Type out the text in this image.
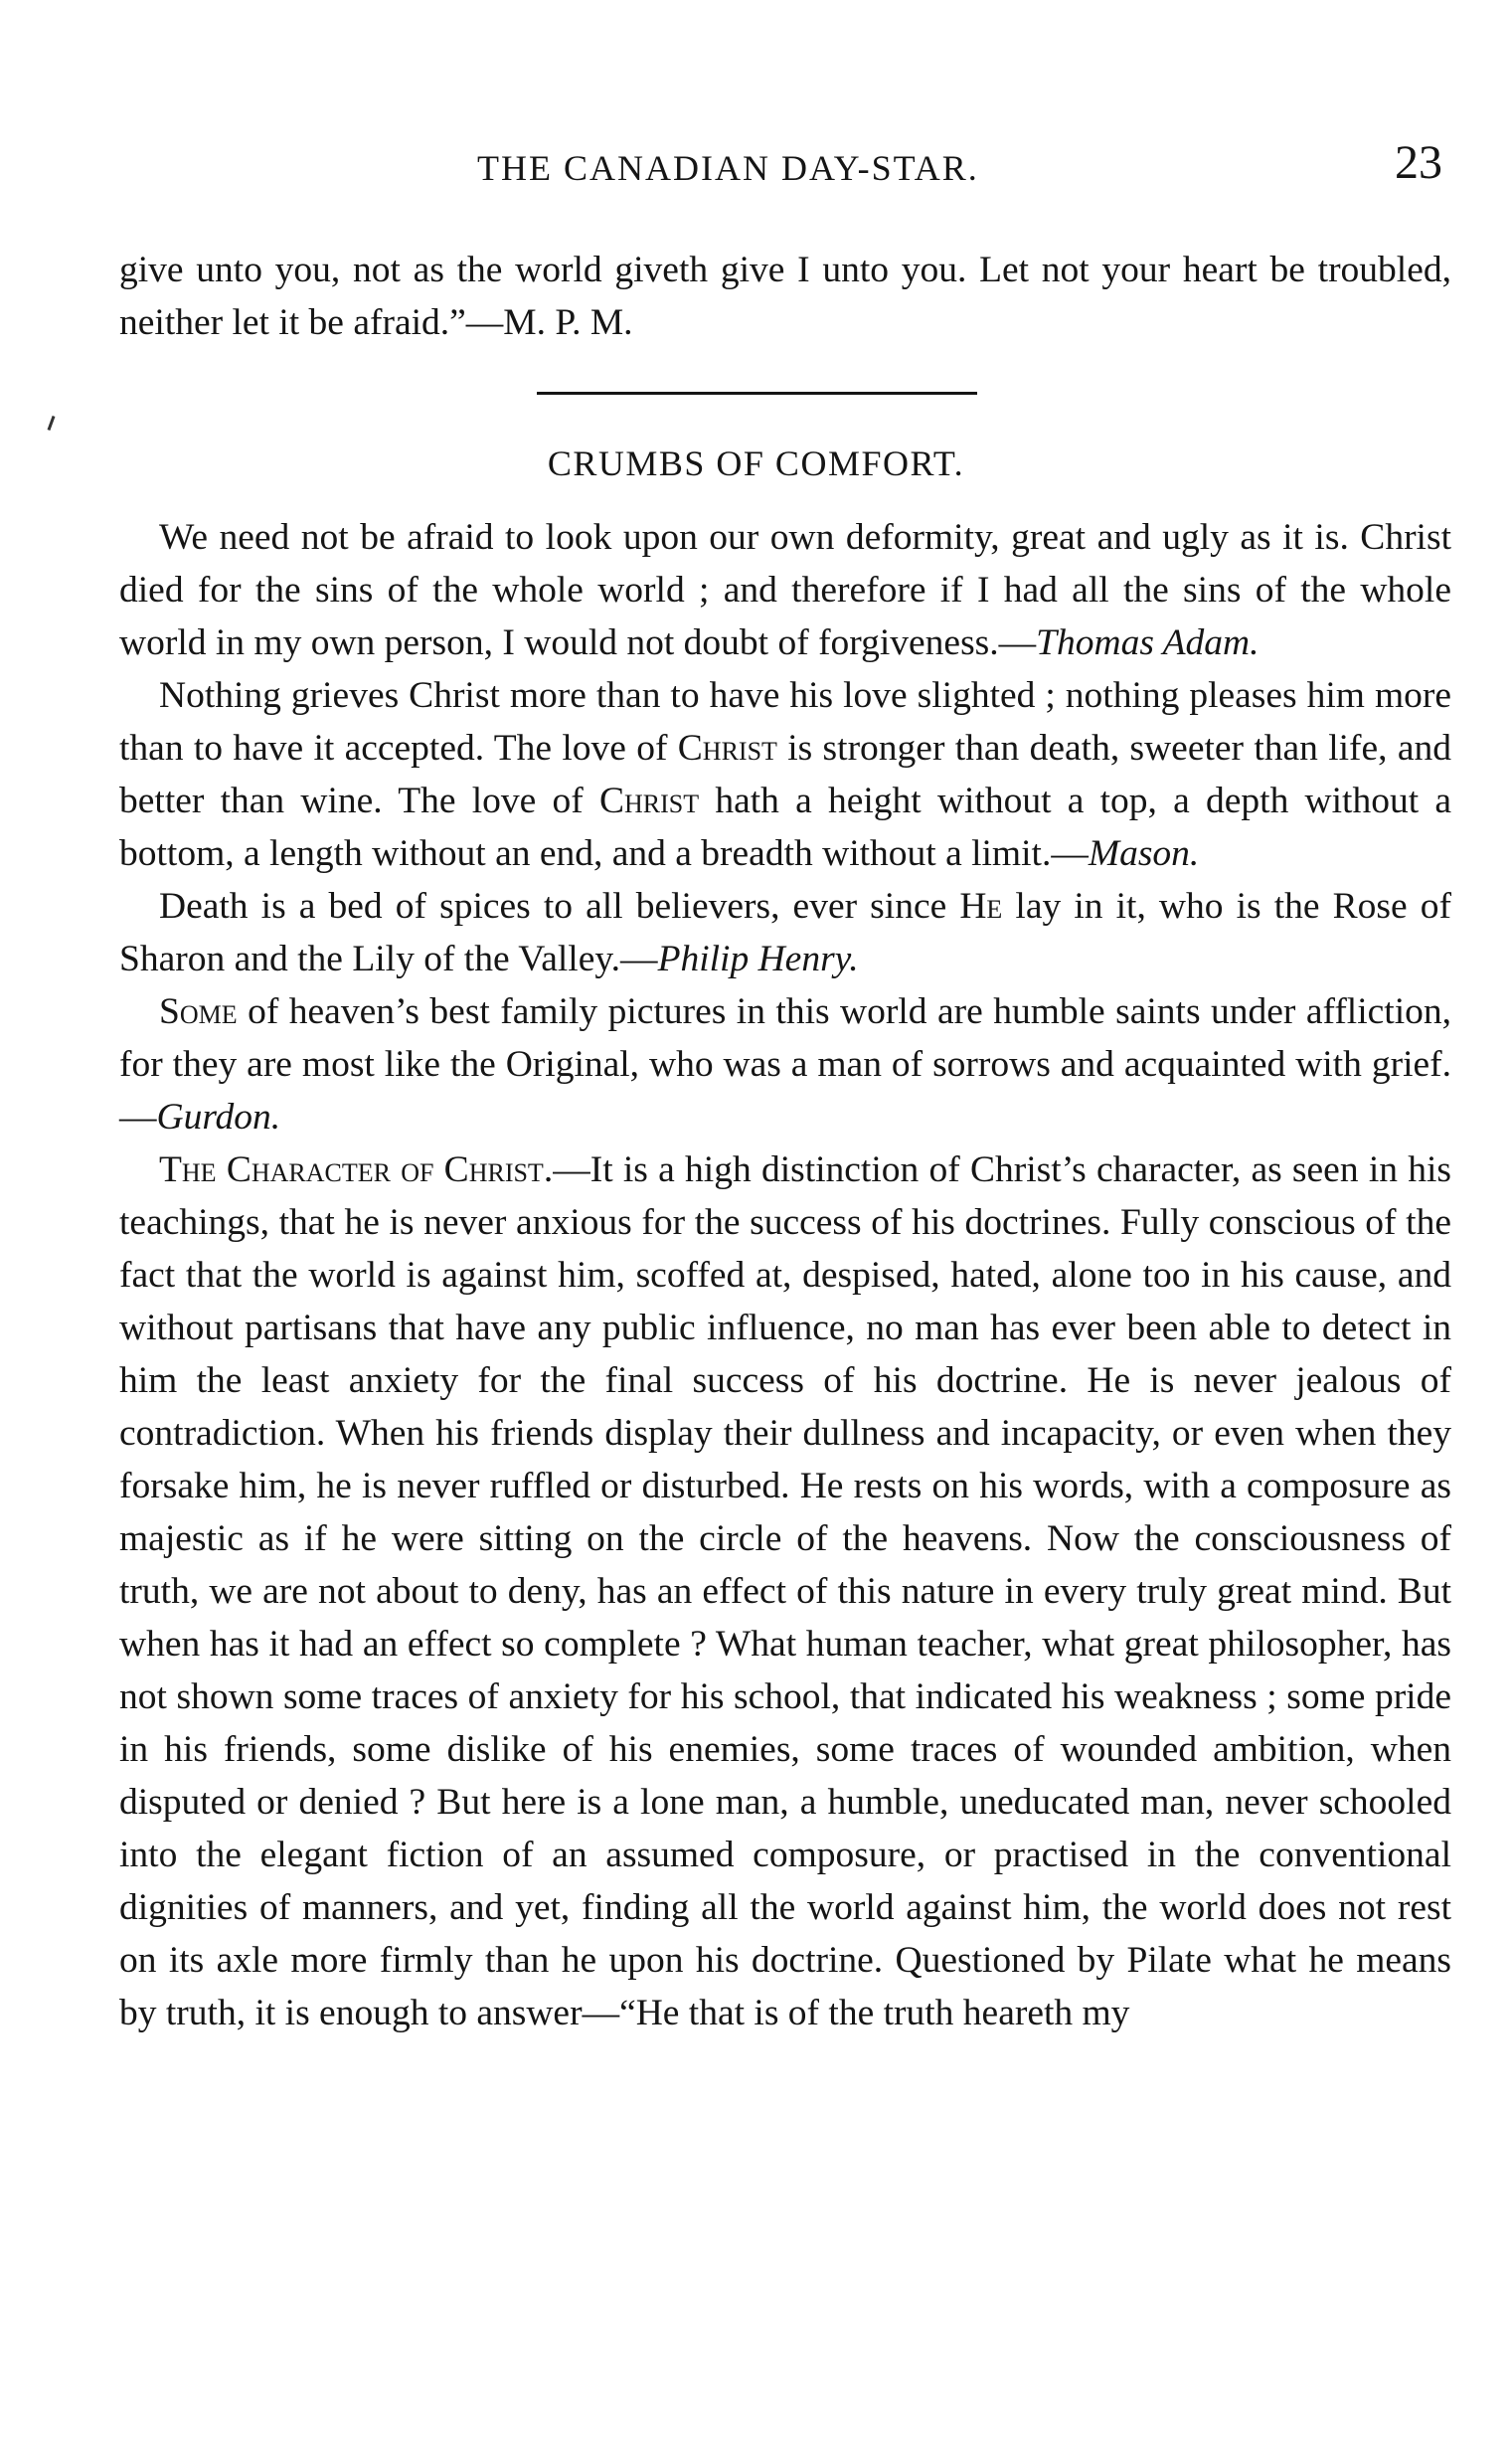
THE CANADIAN DAY-STAR.	23

give unto you, not as the world giveth give I unto you. Let not your heart be troubled, neither let it be afraid.”—M. P. M.

CRUMBS OF COMFORT.

We need not be afraid to look upon our own deformity, great and ugly as it is. Christ died for the sins of the whole world ; and therefore if I had all the sins of the whole world in my own person, I would not doubt of forgiveness.—Thomas Adam.

Nothing grieves Christ more than to have his love slighted ; nothing pleases him more than to have it accepted. The love of Christ is stronger than death, sweeter than life, and better than wine. The love of Christ hath a height without a top, a depth without a bottom, a length without an end, and a breadth without a limit.—Mason.

Death is a bed of spices to all believers, ever since He lay in it, who is the Rose of Sharon and the Lily of the Valley.—Philip Henry.

Some of heaven’s best family pictures in this world are humble saints under affliction, for they are most like the Original, who was a man of sorrows and acquainted with grief.—Gurdon.

The Character of Christ.—It is a high distinction of Christ’s character, as seen in his teachings, that he is never anxious for the success of his doctrines. Fully conscious of the fact that the world is against him, scoffed at, despised, hated, alone too in his cause, and without partisans that have any public influence, no man has ever been able to detect in him the least anxiety for the final success of his doctrine. He is never jealous of contradiction. When his friends display their dullness and incapacity, or even when they forsake him, he is never ruffled or disturbed. He rests on his words, with a composure as majestic as if he were sitting on the circle of the heavens. Now the consciousness of truth, we are not about to deny, has an effect of this nature in every truly great mind. But when has it had an effect so complete ? What human teacher, what great philosopher, has not shown some traces of anxiety for his school, that indicated his weakness ; some pride in his friends, some dislike of his enemies, some traces of wounded ambition, when disputed or denied ? But here is a lone man, a humble, uneducated man, never schooled into the elegant fiction of an assumed composure, or practised in the conventional dignities of manners, and yet, finding all the world against him, the world does not rest on its axle more firmly than he upon his doctrine. Questioned by Pilate what he means by truth, it is enough to answer—“He that is of the truth heareth my
